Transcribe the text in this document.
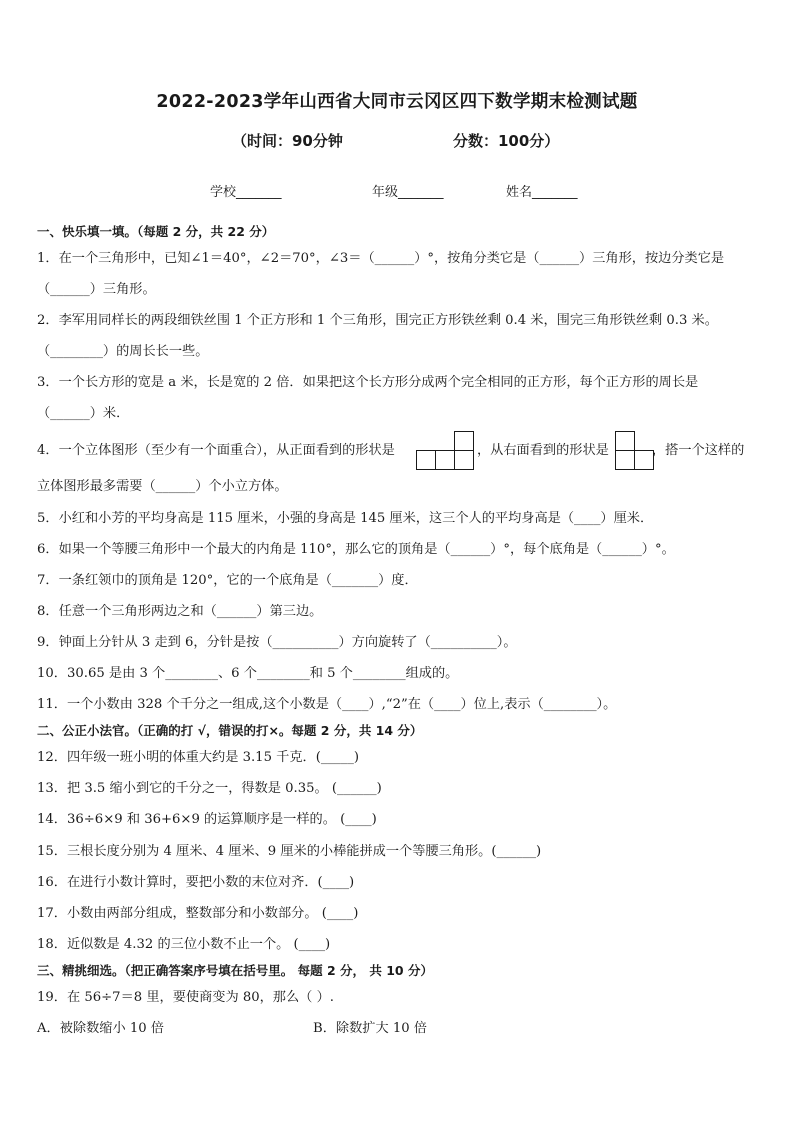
2022-2023学年山西省大同市云冈区四下数学期末检测试题
（时间：90分钟	分数：100分）
学校_______	年级_______	姓名_______
一、快乐填一填。（每题 2 分，共 22 分）
1．在一个三角形中，已知∠1＝40°，∠2＝70°，∠3＝（______）°，按角分类它是（______）三角形，按边分类它是
（______）三角形。
2．李军用同样长的两段细铁丝围 1 个正方形和 1 个三角形，围完正方形铁丝剩 0.4 米，围完三角形铁丝剩 0.3 米。
（________）的周长长一些。
3．一个长方形的宽是 a 米，长是宽的 2 倍．如果把这个长方形分成两个完全相同的正方形，每个正方形的周长是
（______）米．
4．一个立体图形（至少有一个面重合），从正面看到的形状是	，从右面看到的形状是	，搭一个这样的
立体图形最多需要（______）个小立方体。
5．小红和小芳的平均身高是 115 厘米，小强的身高是 145 厘米，这三个人的平均身高是（____）厘米．
6．如果一个等腰三角形中一个最大的内角是 110°，那么它的顶角是（______）°，每个底角是（______）°。
7．一条红领巾的顶角是 120°，它的一个底角是（_______）度．
8．任意一个三角形两边之和（______）第三边。
9．钟面上分针从 3 走到 6，分针是按（__________）方向旋转了（__________）。
10．30.65 是由 3 个________、6 个________和 5 个________组成的。
11．一个小数由 328 个千分之一组成,这个小数是（____）,“2”在（____）位上,表示（________）。
二、公正小法官。（正确的打 √，错误的打×。每题 2 分，共 14 分）
12．四年级一班小明的体重大约是 3.15 千克．(_____)
13．把 3.5 缩小到它的千分之一，得数是 0.35。 (______)
14．36÷6×9 和 36+6×9 的运算顺序是一样的。 (____)
15．三根长度分别为 4 厘米、4 厘米、9 厘米的小棒能拼成一个等腰三角形。(______)
16．在进行小数计算时，要把小数的末位对齐．(____)
17．小数由两部分组成，整数部分和小数部分。 (____)
18．近似数是 4.32 的三位小数不止一个。 (____)
三、精挑细选。（把正确答案序号填在括号里。 每题 2 分， 共 10 分）
19．在 56÷7＝8 里，要使商变为 80，那么（ ）.
A．被除数缩小 10 倍	B．除数扩大 10 倍
